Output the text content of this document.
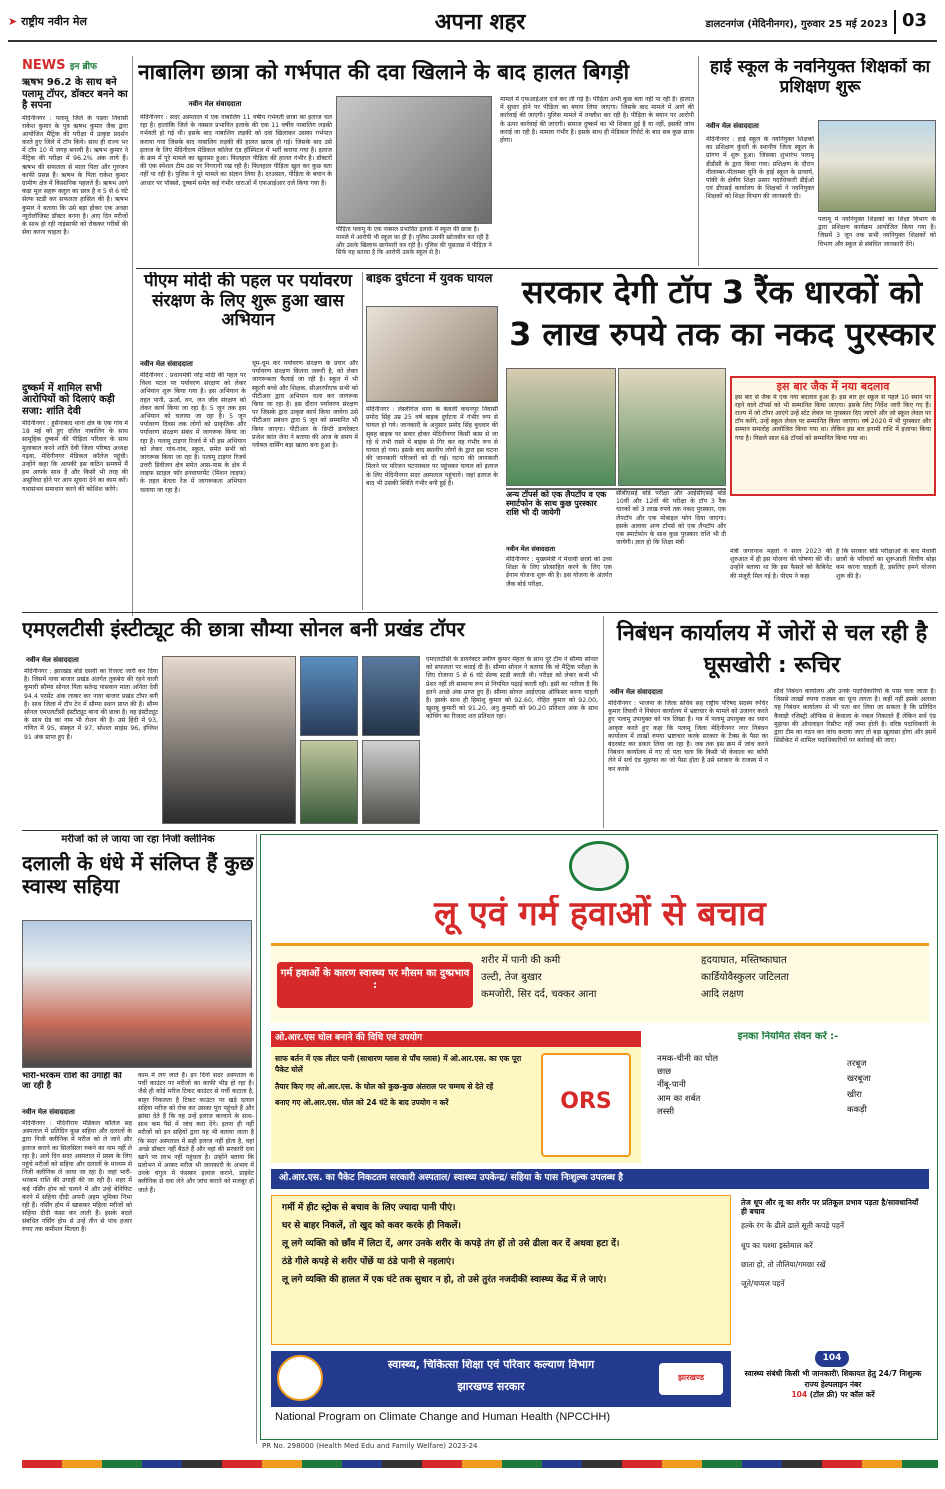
➤ राष्ट्रीय नवीन मेल	अपना शहर	डालटनगंज (मेदिनीनगर), गुरुवार 25 मई 2023 03
NEWS इन ब्रीफ
ऋषभ 96.2 के साथ बने पलामू टॉपर, डॉक्टर बनने का है सपना
मेदिनीनगर : पलामू जिले के पड़वा निवासी राकेश कुमार के पुत्र ऋषभ कुमार जैक द्वारा आयोजित मैट्रिक की परीक्षा में उत्कृष्ट प्रदर्शन करते हुए जिले में टॉप किये। साथ ही राज्य भर में टॉप 10 में जगह बनायी है। ऋषभ कुमार ने मैट्रिक की परीक्षा में 96.2% अंक लाये हैं। ऋषभ की सफलता से माता पिता और गुरुजन काफी प्रसन्न हैं। ऋषभ के पिता राकेश कुमार ग्रामीण क्षेत्र में किसानिक पहलते हैं। ऋषभ आगे कड़ा मूल सहरू क्लूल का छात्र है व 5 से 6 घंटे सेल्फ स्टडी कर सफलता हासिल की है। ऋषभ कुमार ने बताया कि उसे बड़ा होकर एक अच्छा न्यूरोलॉजिस्ट डॉक्टर बनना है। आए दिन मरीजों के साथ हो रही नाइंसाफी को रोककर गरीबों की सेवा करना चाहता है।
दुष्कर्म में शामिल सभी आरोपियों को दिलाएं कड़ी सजा: शांति देवी
मेदिनीनगर : हुसैनाबाद थाना क्षेत्र के एक गांव में 18 मई को हुए दलित नाबालिग के साथ सामूहिक दुष्कर्म की पीड़िता परिवार के साथ मुलाकात करने शांति देवी जिला परिषद अध्यक्ष गढ़वा, मेदिनीनगर मेडिकल कॉलेज पहुंची। उन्होंने कहा कि आपकी इस कठिन समयमें मैं हम आपके साथ हैं और किसी भी तरह की असुविधा होने पर आप सूचना देने का काम करें। यथासंभव समाधान करने की कोशिश करेंगे।
नाबालिग छात्रा को गर्भपात की दवा खिलाने के बाद हालत बिगड़ी
नवीन मेल संवाददाता
मेदिनीनगर : सदर अस्पताल में एक नाबालिग 11 वर्षीय गर्भवती छात्रा का इलाज चल रहा है। हालांकि जिले के नक्सल प्रभावित इलाके की एक 11 वर्षीय नाबालिग लड़की गर्भवती हो गई थी। इसके बाद नाबालिग लड़की को दवा खिलाकर उसका गर्भपात कराया गया जिसके बाद नाबालिग लड़की की हालत खराब हो गई। जिसके बाद उसे इलाज के लिए मेदिनीराय मेडिकल कॉलेज एंड हॉस्पिटल में भर्ती कराया गया है। इलाज के क्रम में पूरे मामले का खुलासा हुआ। फिलहाल पीड़िता की हालत गंभीर है। डॉक्टरों की एक स्पेशल टीम उस पर निगरानी रख रही है। फिलहाल पीड़िता खुल कर कुछ बता नहीं पा रही है। पुलिस ने पूरे मामले का संज्ञान लिया है। दरअसल, पीड़िता के बयान के आधार पर पॉक्सो, दुष्कर्म समेत कई गंभीर धाराओं में एफआईआर दर्ज किया गया है।
पीड़िता पलामू के एक नक्सल प्रभावित इलाके में स्कूल की छात्रा है। मामले में आरोपी भी स्कूल का ही है। पुलिस उसकी खोजबीन कर रही है और उसके खिलाफ छापेमारी कर रही है। पुलिस की पूछताछ में पीड़िता ने सिर्फ यह बताया है कि आरोपी उसके स्कूल से है।
मामले में एफआईआर दर्ज कर ली गई है। पीड़िता अभी कुछ बता नहीं पा रही है। हालात में सुधार होने पर पीड़िता का बयान लिया जाएगा। जिसके बाद मामले में आगे की कार्रवाई की जाएगी। पुलिस मामले में तफ्तीश कर रही है। पीड़िता के बयान पर आरोपी के ऊपर कार्रवाई की जाएगी। समाज दुष्कर्म का भी शिकार हुई है या नहीं, इसकी जांच कराई जा रही है। मामला गंभीर है। इसके साथ ही मेडिकल रिपोर्ट के बाद सब कुछ साफ होगा।
हाई स्कूल के नवनियुक्त शिक्षकों का प्रशिक्षण शुरू
नवीन मेल संवाददाता
मेदिनीनगर : हाई स्कूल के नवनियुक्त शिक्षकों का प्रशिक्षण कुंदरी के स्थानीय जिला स्कूल के प्रांगण में शुरू हुआ। जिसका शुभारंभ पलामू डीडीसी के द्वारा किया गया। प्रशिक्षण के दौरान नीलाम्बर-पीताम्बर यूनि के हाई स्कूल के प्राचार्य, पांकी के क्षेत्रीय शिक्षा प्रसार पदाधिकारी डीईओ एवं डीएसई कार्यालय के शिक्षकों ने नवनियुक्त शिक्षकों को शिक्षा विभाग की जानकारी दी।
पलामू में नवनियुक्त शिक्षकों का शिक्षा विभाग के द्वारा प्रशिक्षण कार्यक्रम आयोजित किया गया है। जिसमें 3 जून तक सभी नवनियुक्त शिक्षकों को विभाग और स्कूल से संबंधित जानकारी देंगे।
पीएम मोदी की पहल पर पर्यावरण संरक्षण के लिए शुरू हुआ खास अभियान
नवीन मेल संवाददाता
मेदिनीनगर : प्रधानमंत्री नरेंद्र मोदी की पहल पर विश्व पटल पर पर्यावरण संरक्षण को लेकर अभियान शुरू किया गया है। इस अभियान के तहत पानी, ऊर्जा, वन, जन जीव संरक्षण को लेकर कार्य किया जा रहा है। 5 जून तक इस अभियान को चलाया जा रहा है। 5 जून पर्यावरण दिवस तक लोगों को प्राकृतिक और पर्यावरण संरक्षण संबंध में जागरूक किया जा रहा है। पलामू टाइगर रिजर्व में भी इस अभियान को लेकर गांव-गांव, स्कूल, समेत सभी को जागरूक किया जा रहा है। पलामू टाइगर रिजर्व उत्तरी डिवीजन क्षेत्र समेत आस-पास के क्षेत्र में लाइफ स्टाइल फॉर इनवायरमेंट (मिशन लाइफ) के तहत बेतला रेंज में जागरूकता अभियान चलाया जा रहा है।
धूम-धूम कर पर्यावरण संरक्षण के प्रचार और पर्यावरण संरक्षण कितना जरूरी है, को लेकर जागरूकता फैलाई जा रही है। स्कूल में भी स्कूली बच्चे और शिक्षक, सीआरपीएफ सभी को पीटीआर द्वारा अभियान चला कर जागरूक किया जा रहा है। इस दौरान पर्यावरण संरक्षण पर जिसके द्वारा उत्कृष्ट कार्य किया जायेगा उसे पीटीआर प्रबंधन द्वारा 5 जून को सम्मानित भी किया जाएगा। पीटीआर के डिप्टी डायरेक्टर प्रजेश कांत जेना ने बताया की आज के समय में ग्लोबल वार्मिंग बड़ा खतरा बना हुआ है।
बाइक दुर्घटना में युवक घायल
मेदिनीनगर : लेस्लीगंज थाना के केवली कचनपुर निवासी प्रमोद सिंह उम्र 25 वर्ष बाइक दुर्घटना में गंभीर रूप से घायल हो गये। जानकारी के अनुसार प्रमोद सिंह बुधवार की सुबह बाइक पर सवार होकर मेदिनीनगर किसी काम से जा रहे थे तभी रास्ते में बाइक से गिर कर वह गंभीर रूप से घायल हो गया। इसके बाद स्थानीय लोगों के द्वारा इस घटना की जानकारी परिजनों को दी गई। घटना की जानकारी मिलने पर परिजन घटनास्थल पर पहुंचकर घायल को इलाज के लिए मेदिनीनगर सदर अस्पताल पहुंचाये। जहां इलाज के बाद भी उसकी स्थिति गंभीर बनी हुई है।
सरकार देगी टॉप 3 रैंक धारकों को 3 लाख रुपये तक का नकद पुरस्कार
इस बार जैक में नया बदलाव
इस बार से जैक में एक नया बदलाव हुआ है। इस बार हर स्कूल से पहले 10 स्थान पर रहने वाले टॉपर्स को भी सम्मानित किया जाएगा। इसके लिए निर्देश जारी किए गए हैं। राज्य में जो टॉपर आएंगे उन्हें स्टेट लेवल पर पुरस्कार दिए जाएंगे और जो स्कूल लेवल पर टॉप करेंगे, उन्हें स्कूल लेवल पर सम्मानित किया जाएगा। वर्ष 2020 में भी पुरस्कार और सम्मान समारोह आयोजित किया गया था। लेकिन इस बार इनामी राशि में इजाफा किया गया है। पिछले साल 68 टॉपर्स को सम्मानित किया गया था।
अन्य टॉपर्स को एक लैपटॉप व एक स्मार्टफोन के साथ कुछ पुरस्कार राशि भी दी जायेगी
नवीन मेल संवाददाता
मेदिनीनगर : मुख्यमंत्री ने मेधावी छात्रों को उच्च शिक्षा के लिए प्रोत्साहित करने के लिए एक ईनाम योजना शुरू की है। इस योजना के अंतर्गत जैक बोर्ड परीक्षा,
सीबीएसई बोर्ड परीक्षा और आईसीएसई बोर्ड 10वीं और 12वीं की परीक्षा के टॉप 3 रैंक धारकों को 3 लाख रुपये तक नकद पुरस्कार, एक लैपटॉप और एक मोबाइल फोन दिया जाएगा। इसके अलावा अन्य टॉपर्स को एक लैपटॉप और एक स्मार्टफोन के साथ कुछ पुरस्कार राशि भी दी जायेगी। ज्ञात हो कि शिक्षा मंत्री
मंत्री जगरनाथ महतो ने साल 2023 की शुरुआत में ही इस योजना की घोषणा की थी। उन्होंने बताया था कि इस फैसले को कैबिनेट की मंजूरी मिल गई है। पीएम ने कहा
है कि सरकार बोर्ड परीक्षाओं के बाद मेधावी छात्रों के परिवारों का शुरूआती वित्तीय बोझ कम करना चाहती है, इसलिए हमने योजना शुरू की है।
एमएलटीसी इंस्टीट्यूट की छात्रा सौम्या सोनल बनी प्रखंड टॉपर
नवीन मेल संवाददाता
मेदिनीनगर : झारखंड बोर्ड दसवीं का रिजल्ट जारी कर दिया है। जिसमें नावा बाजार प्रखंड अंतर्गत तुकबेरा की रहने वाली कुमारी सौम्या सोनल पिता सतेन्द्र पासवान माता अनिता देवी 94.4 परसेंट अंक लाकर कर नावा बाजार प्रखंड टॉपर बनी है। साथ जिला में टॉप टेन में सौम्या स्थान प्राप्त की है। सौम्य सोनल एमएलटीसी इंस्टीट्यूट बाना की छात्रा है। वह इंस्टीट्यूट के साथ ग्रेड का नाम भी रोशन की है। उसे हिंदी में 93, गणित में 95, संस्कृत में 97, सोशल साइंस 96, इंग्लिश 91 अंक प्राप्त हुए हैं।
एमएलटीसी के डायरेक्टर प्रवीण कुमार मेहता के साथ पूरे टीम ने सौम्या सोनल को सफलता पर बधाई दी है। सौम्या सोनल ने बताया कि वो मैट्रिक परीक्षा के लिए रोजाना 5 से 6 घंटे सेल्फ स्टडी करती थी। परीक्षा को लेकर कभी भी प्रेशर नहीं ली सामान्य रूप से नियमित पढ़ाई करती रही। इसी का नतीजा है कि इतने अच्छे अंक प्राप्त हुए हैं। सौम्या सोनल आईएएस ऑफिसर बनना चाहती है। इसके साथ ही हिमांशु कुमार को 92.60, रोहित कुमार को 92.00, खुशबू कुमारी को 91.20, अनु कुमारी को 90.20 प्रतिशत अंक के साथ कोचिंग का रिजल्ट शत प्रतिशत रहा।
निबंधन कार्यालय में जोरों से चल रही है घूसखोरी : रूचिर
नवीन मेल संवाददाता
मेदिनीनगर : भाजपा के जिला सचिव सह राष्ट्रीय परिषद सदस्य रूचिर कुमार तिवारी ने निबंधन कार्यालय में भ्रष्टाचार के मामले को उजागर करते हुए पलामू उपायुक्त को पत्र लिखा है। पत्र में पलामू उपायुक्त का ध्यान आकृष्ट करते हुए कहा कि पलामू जिला मेदिनीनगर नगर निबंधन कार्यालय में लाखों रुपया भ्रष्टाचार करके सरकार के टैक्स के पैसा का बंदरबांट कर डकार लिया जा रहा है। जब तक इस क्रम में जांच करने निबंधन कार्यालय में गए तो पता चला कि किसी भी केवाला का कॉपी लेने में सर्च एंड मुहाफा का जो पैसा होता है उसे सरकार के राजस्व में न कर करके
सीधे निबंधन कार्यालय और उनके पदाधिकारियों के पास चला जाता है। जिससे लाखों रुपया राजस्व का चूना लगता है। कहीं नहीं इसके अलावा यह निबंधन कार्यालय से भी पता कर लिया जा सकता है कि प्रतिदिन कैवाड़ी रजिस्ट्री ऑफिस से केवाला के नकल निकलते हैं लेकिन सर्च एंड मुहाफा की ऑनलाइन रिसीप्ट नहीं जमा होती है। वरिष्ठ पदाधिकारी के द्वारा टीम का गठन कर जांच कराया जाए तो बड़ा खुलासा होगा और इसमें सिंडीकेट में शामिल पदाधिकारियों पर कार्रवाई की जाए।
मरीजों को ले जाया जा रहा निजी क्लीनिक
दलाली के धंधे में संलिप्त हैं कुछ स्वास्थ सहिया
भारी-भरकम राशि की उगाही की जा रही है
नवीन मेल संवाददाता
मेदिनीनगर : मेदिनीराय मेडिकल कॉलेज सह अस्पताल में प्रतिदिन कुछ सहिया और दलालों के द्वारा निजी क्लीनिक में मरीज को ले जाने और इलाज कराने का सिलसिला रुकने का नाम नहीं ले रहा है। आये दिन सदर अस्पताल में प्रसव के लिए पहुंचे मरीजों को सहिया और दलालों के माध्यम से निजी क्लीनिक ले जाया जा रहा है। जहां भारी-भरकम राशि की उगाही की जा रही है। शहर में कई नर्सिंग होम को चलाने में और उन्हें बेनिफिट करने में सहिया दीदी अपनी अहम भूमिका निभा रही हैं। नर्सिंग होम में खासकर महिला मरीजों को सहिया दीदी फंसा कर लाती हैं। इसके बदले संबंधित नर्सिंग होम से उन्हें तीन से पांच हजार रुपए तक कमीशन मिलता है।
काम में लग जाते हैं। इन दिनों सदर अस्पताल के पर्ची काउंटर पर मरीजों का काफी भीड़ हो रहा है। जैसे ही कोई मरीज टिकट काउंटर से पर्ची कटाता है, बाहर निकलता है टिकट काउंटर पर खड़े दलाल सहिया मरीज को रोक कर उसका पूरा पहुंचते हैं और झांसा देते हैं कि वह उन्हें इलाज करवाने के साथ-साथ कम पैसे में जांच करा देंगे। इतना ही नहीं मरीजों को इन सहियों द्वारा यह भी बताया जाता है कि सदर अस्पताल में सही इलाज नहीं होता है, वहां अच्छे डॉक्टर नहीं बैठते हैं और वहां की सरकारी दवा खाने पर लाभ नहीं पहुंचता है। उन्होंने बताया कि प्रलोभन में आकर मरीज भी जानकारी के अभाव में उनके चंगुल में फंसकर इलाज कराने, प्राइवेट क्लीनिक से दवा लेने और जांच कराने को मजबूर हो जाते हैं।
लू एवं गर्म हवाओं से बचाव
गर्म हवाओं के कारण स्वास्थ्य पर मौसम का दुष्प्रभाव :
शरीर में पानी की कमी
उल्टी, तेज बुखार
कमजोरी, सिर दर्द, चक्कर आना
हृदयाघात, मस्तिष्काघात
कार्डियोवैस्कुलर जटिलता
आदि लक्षण
ओ.आर.एस घोल बनाने की विधि एवं उपयोग
साफ बर्तन में एक लीटर पानी (साधारण ग्लास से पाँच ग्लास) में ओ.आर.एस. का एक पूरा पैकेट घोलें
तैयार किए गए ओ.आर.एस. के घोल को कुछ-कुछ अंतराल पर चम्मच से देते रहें
बनाए गए ओ.आर.एस. घोल को 24 घंटे के बाद उपयोग न करें	ORS
इनका नियमित सेवन करें :-
नमक-चीनी का घोल
छाछ
नींबू-पानी
आम का शर्बत
लस्सी
तरबूज
खरबूजा
खीरा
ककड़ी
ओ.आर.एस. का पैकेट निकटतम सरकारी अस्पताल/ स्वास्थ्य उपकेन्द्र/ सहिया के पास निःशुल्क उपलब्ध है
गर्मी में हीट स्ट्रोक से बचाव के लिए ज्यादा पानी पीएं।
घर से बाहर निकलें, तो खुद को कवर करके ही निकलें।
लू लगे व्यक्ति को छाँव में लिटा दें, अगर उनके शरीर के कपड़े तंग हों तो उसे ढीला कर दें अथवा हटा दें।
ठंडे गीले कपड़े से शरीर पोंछें या ठंडे पानी से नहलाएं।
लू लगे व्यक्ति की हालत में एक घंटे तक सुधार न हो, तो उसे तुरंत नजदीकी स्वास्थ्य केंद्र में ले जाएं।
तेज धूप और लू का शरीर पर प्रतिकूल प्रभाव पड़ता है/सावधानियाँ ही बचाव
हल्के रंग के ढीले ढाले सूती कपड़े पहनें
धूप का चश्मा इस्तेमाल करें
छाता हो, तो तौलिया/गमछा रखें
जूते/चप्पल पहनें
स्वास्थ्य, चिकित्सा शिक्षा एवं परिवार कल्याण विभाग
झारखण्ड सरकार
झारखण्ड
104
स्वास्थ्य संबंधी किसी भी जानकारी\ शिकायत हेतु 24/7 निःशुल्क राज्य हेल्पलाइन नंबर
104 (टॉल फ्री) पर कॉल करें
National Program on Climate Change and Human Health (NPCCHH)
PR No. 298000 (Health Med Edu and Family Welfare) 2023-24
